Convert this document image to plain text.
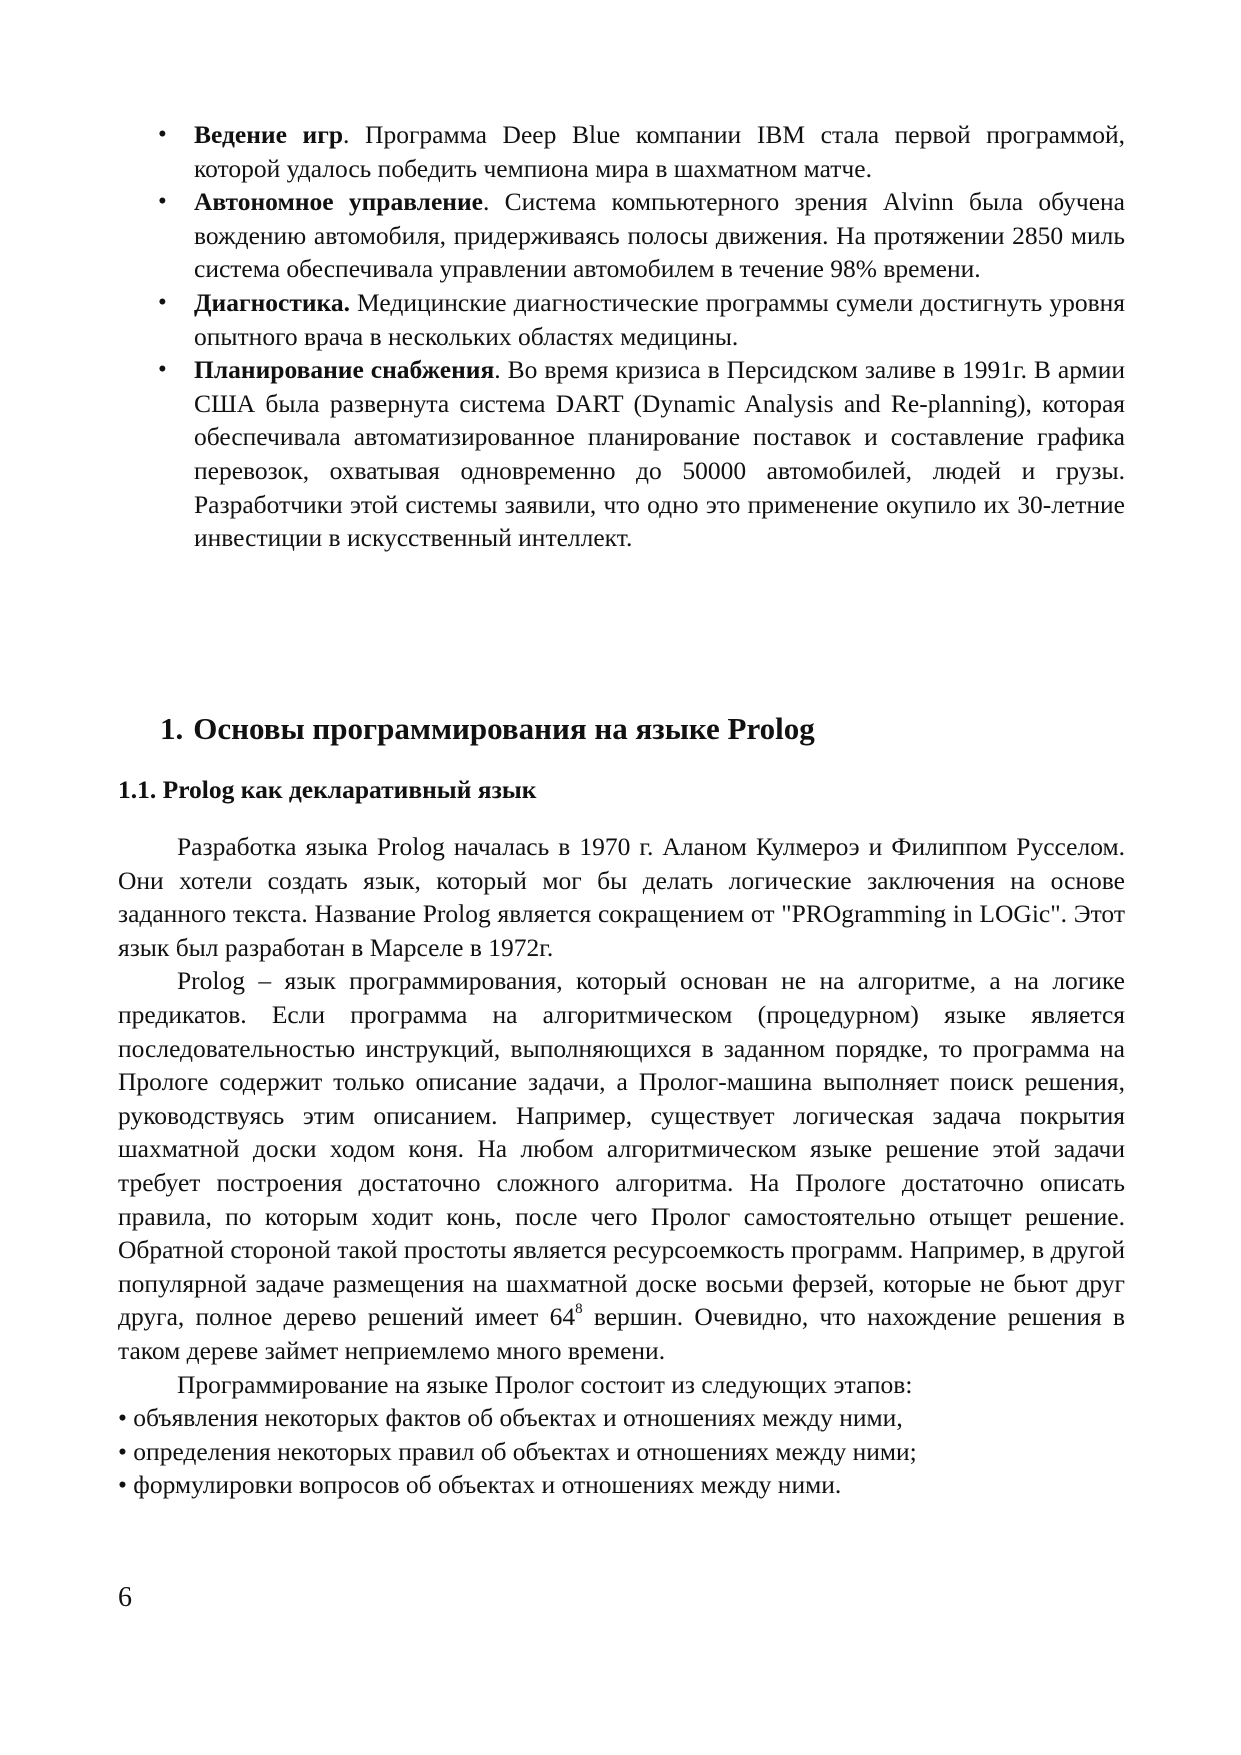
• Ведение игр. Программа Deep Blue компании IBM стала первой программой, которой удалось победить чемпиона мира в шахматном матче.
• Автономное управление. Система компьютерного зрения Alvinn была обучена вождению автомобиля, придерживаясь полосы движения. На протяжении 2850 миль система обеспечивала управлении автомобилем в течение 98% времени.
• Диагностика. Медицинские диагностические программы сумели достигнуть уровня опытного врача в нескольких областях медицины.
• Планирование снабжения. Во время кризиса в Персидском заливе в 1991г. В армии США была развернута система DART (Dynamic Analysis and Re-planning), которая обеспечивала автоматизированное планирование поставок и составление графика перевозок, охватывая одновременно до 50000 автомобилей, людей и грузы. Разработчики этой системы заявили, что одно это применение окупило их 30-летние инвестиции в искусственный интеллект.
1. Основы программирования на языке Prolog
1.1. Prolog как декларативный язык

Разработка языка Prolog началась в 1970 г. Аланом Кулмероэ и Филиппом Русселом. Они хотели создать язык, который мог бы делать логические заключения на основе заданного текста. Название Prolog является сокращением от "PROgramming in LOGic". Этот язык был разработан в Марселе в 1972г.

Prolog – язык программирования, который основан не на алгоритме, а на логике предикатов. Если программа на алгоритмическом (процедурном) языке является последовательностью инструкций, выполняющихся в заданном порядке, то программа на Прологе содержит только описание задачи, а Пролог-машина выполняет поиск решения, руководствуясь этим описанием. Например, существует логическая задача покрытия шахматной доски ходом коня. На любом алгоритмическом языке решение этой задачи требует построения достаточно сложного алгоритма. На Прологе достаточно описать правила, по которым ходит конь, после чего Пролог самостоятельно отыщет решение. Обратной стороной такой простоты является ресурсоемкость программ. Например, в другой популярной задаче размещения на шахматной доске восьми ферзей, которые не бьют друг друга, полное дерево решений имеет $64^8$ вершин. Очевидно, что нахождение решения в таком дереве займет неприемлемо много времени.

Программирование на языке Пролог состоит из следующих этапов:

• объявления некоторых фактов об объектах и отношениях между ними,
• определения некоторых правил об объектах и отношениях между ними;
• формулировки вопросов об объектах и отношениях между ними.
6
